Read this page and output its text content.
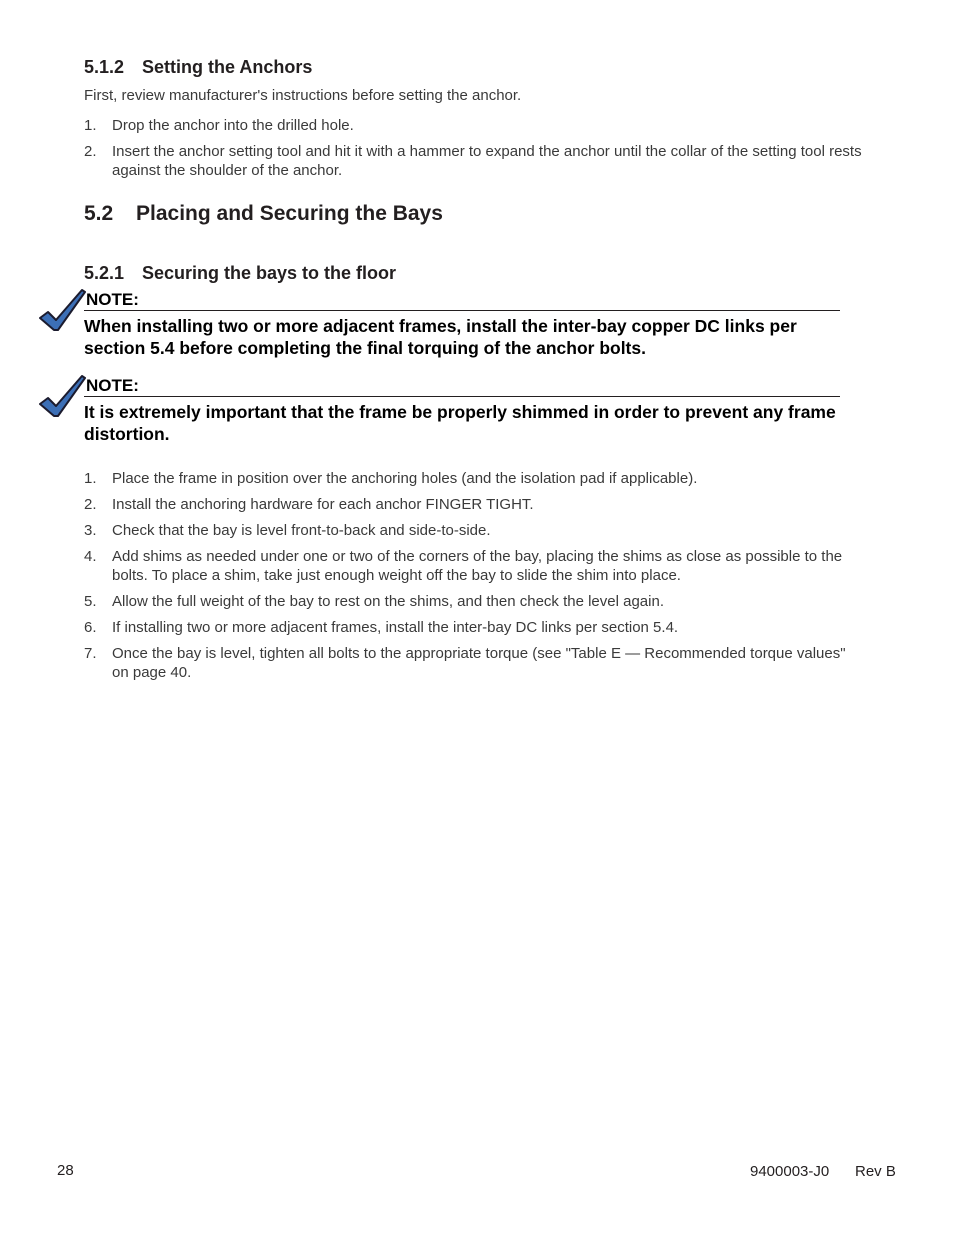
5.1.2 Setting the Anchors
First, review manufacturer's instructions before setting the anchor.
1. Drop the anchor into the drilled hole.
2. Insert the anchor setting tool and hit it with a hammer to expand the anchor until the collar of the setting tool rests against the shoulder of the anchor.
5.2 Placing and Securing the Bays
5.2.1 Securing the bays to the floor
NOTE:
When installing two or more adjacent frames, install the inter-bay copper DC links per section 5.4 before completing the final torquing of the anchor bolts.
NOTE:
It is extremely important that the frame be properly shimmed in order to prevent any frame distortion.
1. Place the frame in position over the anchoring holes (and the isolation pad if applicable).
2. Install the anchoring hardware for each anchor FINGER TIGHT.
3. Check that the bay is level front-to-back and side-to-side.
4. Add shims as needed under one or two of the corners of the bay, placing the shims as close as possible to the bolts. To place a shim, take just enough weight off the bay to slide the shim into place.
5. Allow the full weight of the bay to rest on the shims, and then check the level again.
6. If installing two or more adjacent frames, install the inter-bay DC links per section 5.4.
7. Once the bay is level, tighten all bolts to the appropriate torque (see "Table E — Recommended torque values" on page 40.
28	9400003-J0 Rev B
